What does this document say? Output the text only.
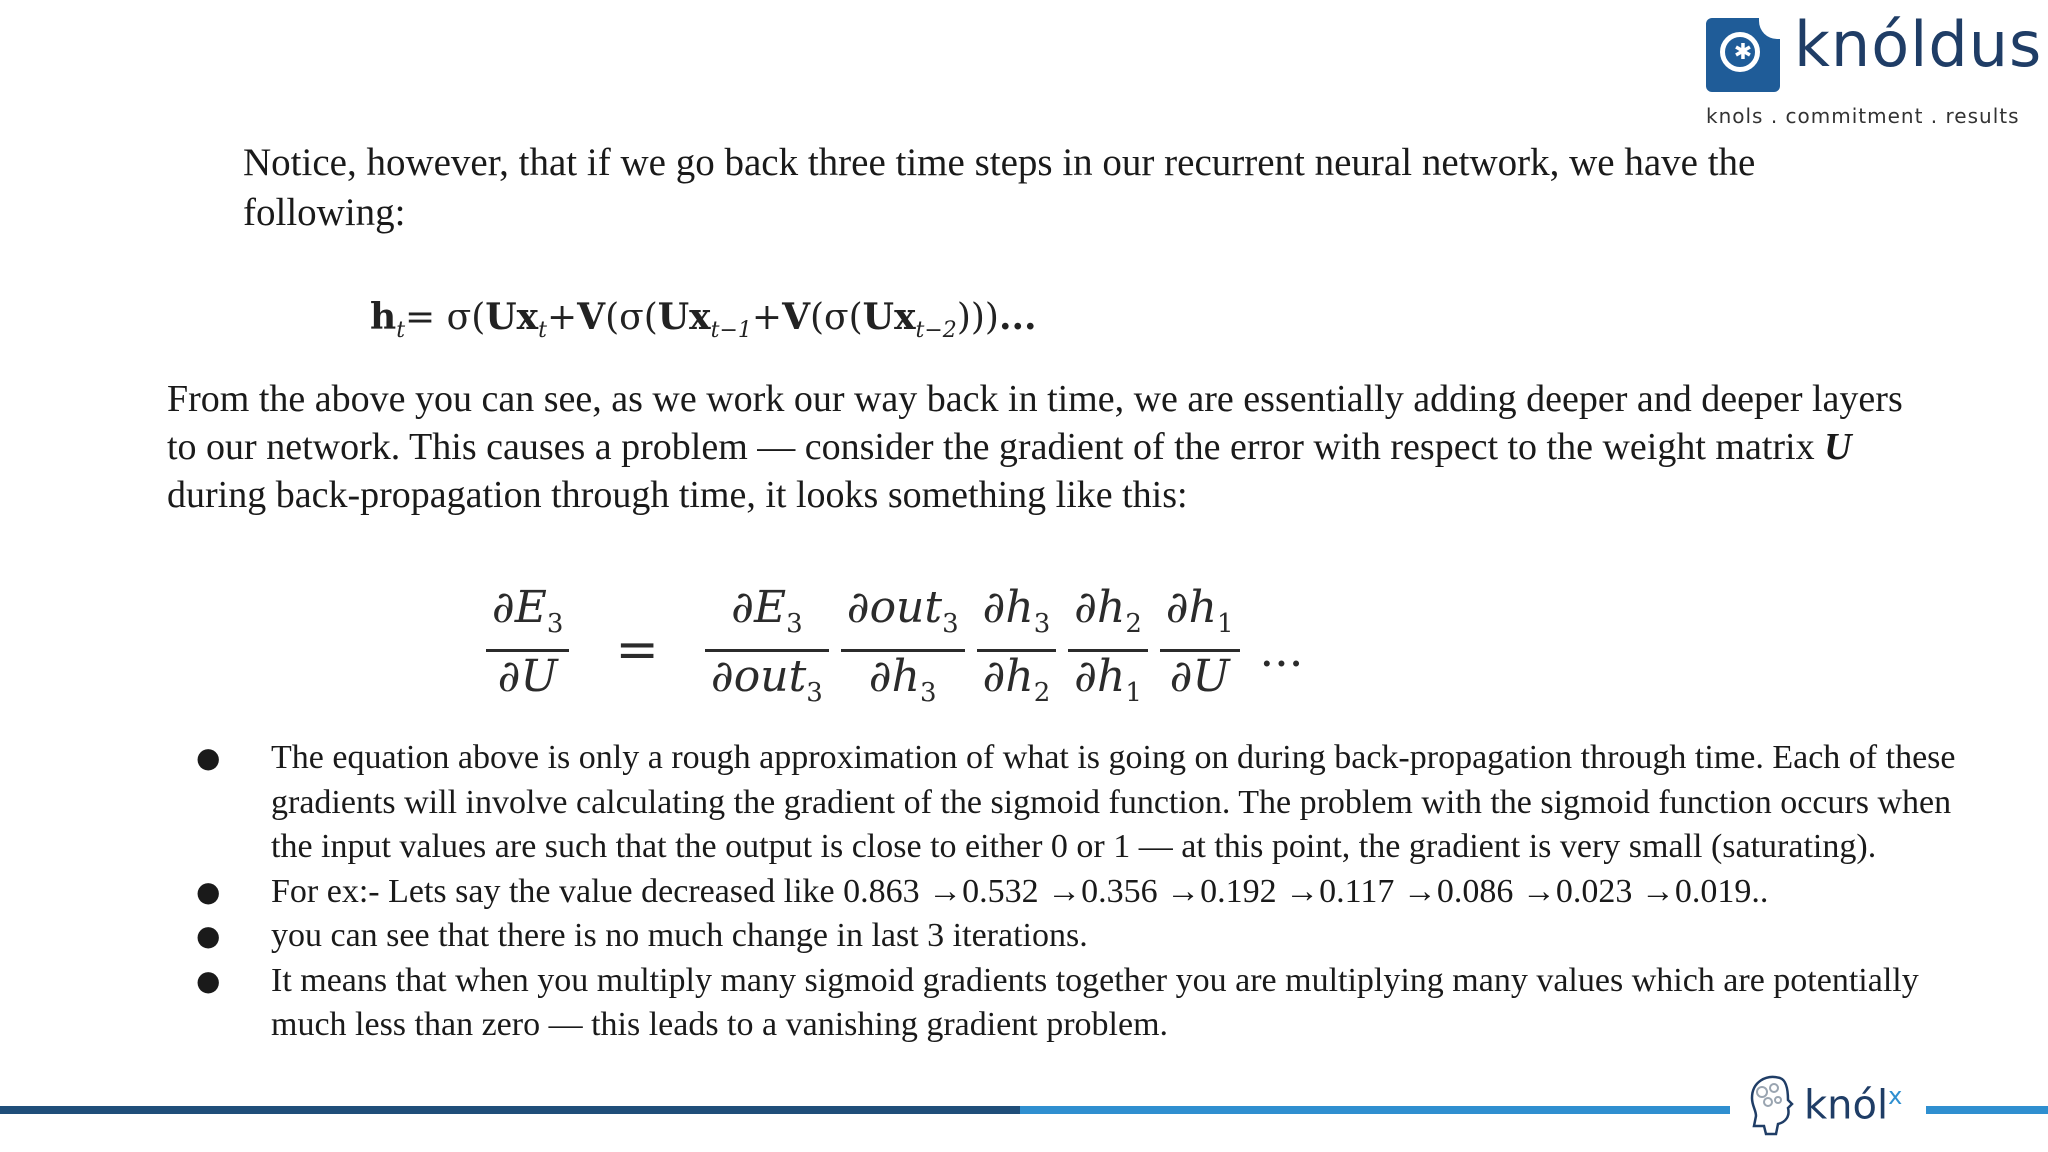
✱ knóldus
knols . commitment . results

Notice, however, that if we go back three time steps in our recurrent neural network, we have the following:

$h_t= \sigma(Ux_t+V(\sigma(Ux_{t-1}+V(\sigma(Ux_{t-2})))$...

From the above you can see, as we work our way back in time, we are essentially adding deeper and deeper layers to our network. This causes a problem — consider the gradient of the error with respect to the weight matrix U during back-propagation through time, it looks something like this:

$\frac{\partial E_3}{\partial U} = \frac{\partial E_3}{\partial out_3} \frac{\partial out_3}{\partial h_3} \frac{\partial h_3}{\partial h_2} \frac{\partial h_2}{\partial h_1} \frac{\partial h_1}{\partial U}$ ...
● The equation above is only a rough approximation of what is going on during back-propagation through time. Each of these gradients will involve calculating the gradient of the sigmoid function. The problem with the sigmoid function occurs when the input values are such that the output is close to either 0 or 1 — at this point, the gradient is very small (saturating).
● For ex:- Lets say the value decreased like 0.863 →0.532 →0.356 →0.192 →0.117 →0.086 →0.023 →0.019..
● you can see that there is no much change in last 3 iterations.
● It means that when you multiply many sigmoid gradients together you are multiplying many values which are potentially much less than zero — this leads to a vanishing gradient problem.
knól$^x$
